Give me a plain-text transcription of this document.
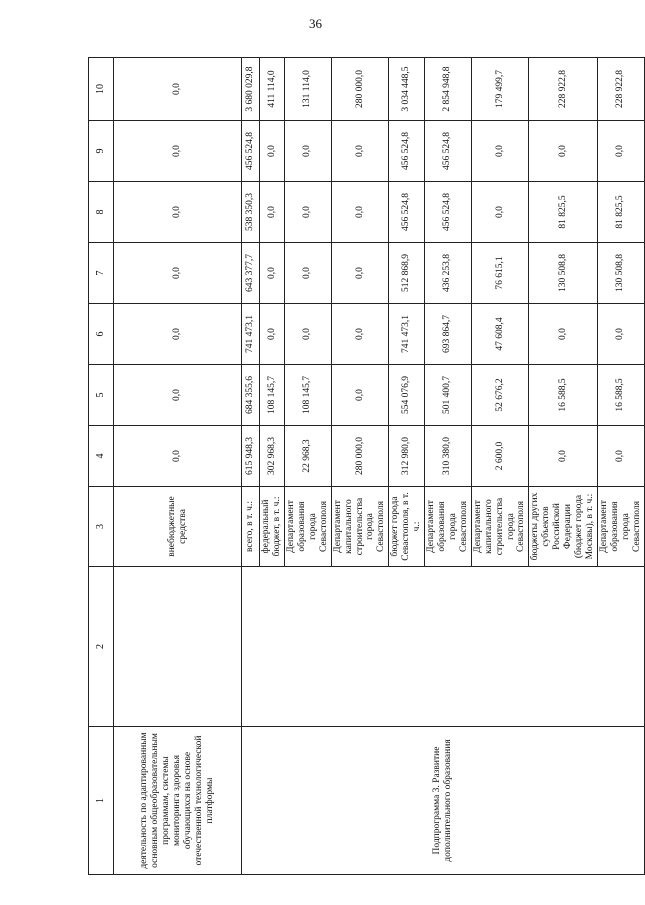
36
1	2	3	4	5	6	7	8	9	10
деятельность по адаптированным основным общеобразовательным программам, системы мониторинга здоровья обучающихся на основе отечественной технологической платформы		внебюджетные средства	0,0	0,0	0,0	0,0	0,0	0,0	0,0
Подпрограмма 3. Развитие дополнительного образования		всего, в т. ч.:	615 948,3	684 355,6	741 473,1	643 377,7	538 350,3	456 524,8	3 680 029,8
		федеральный бюджет, в т. ч.:	302 968,3	108 145,7	0,0	0,0	0,0	0,0	411 114,0
		Департамент образования города Севастополя	22 968,3	108 145,7	0,0	0,0	0,0	0,0	131 114,0
		Департамент капитального строительства города Севастополя	280 000,0	0,0	0,0	0,0	0,0	0,0	280 000,0
		бюджет города Севастополя, в т. ч.:	312 980,0	554 076,9	741 473,1	512 868,9	456 524,8	456 524,8	3 034 448,5
		Департамент образования города Севастополя	310 380,0	501 400,7	693 864,7	436 253,8	456 524,8	456 524,8	2 854 948,8
		Департамент капитального строительства города Севастополя	2 600,0	52 676,2	47 608,4	76 615,1	0,0	0,0	179 499,7
		бюджеты других субъектов Российской Федерации (бюджет города Москвы), в т. ч.:	0,0	16 588,5	0,0	130 508,8	81 825,5	0,0	228 922,8
		Департамент образования города Севастополя	0,0	16 588,5	0,0	130 508,8	81 825,5	0,0	228 922,8
